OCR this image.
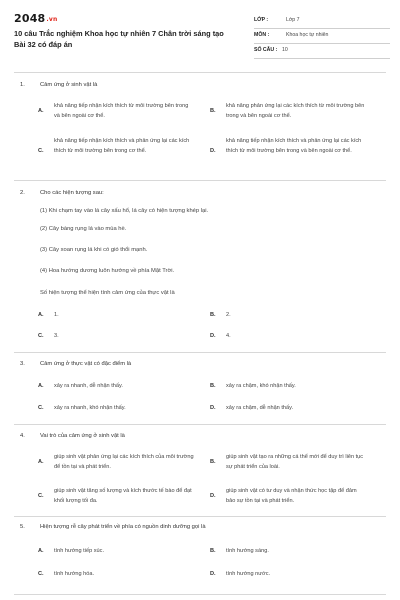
2048.vn
10 câu Trắc nghiệm Khoa học tự nhiên 7 Chân trời sáng tạo Bài 32 có đáp án
LỚP :	Lớp 7
MÔN :	Khoa học tự nhiên
SỐ CÂU : 10
1.	Cảm ứng ở sinh vật là
A.
khả năng tiếp nhận kích thích từ môi trường bên trong và bên ngoài cơ thể.
B.
khả năng phản ứng lại các kích thích từ môi trường bên trong và bên ngoài cơ thể.
C.
khả năng tiếp nhận kích thích và phản ứng lại các kích thích từ môi trường bên trong cơ thể.	D.
khả năng tiếp nhận kích thích và phản ứng lại các kích thích từ môi trường bên trong và bên ngoài cơ thể.
2.	Cho các hiện tượng sau:
(1) Khi chạm tay vào lá cây xấu hổ, lá cây có hiện tượng khép lại.
(2) Cây bàng rụng lá vào mùa hè.
(3) Cây xoan rụng lá khi có gió thổi mạnh.
(4) Hoa hướng dương luôn hướng về phía Mặt Trời.
Số hiện tượng thể hiện tính cảm ứng của thực vật là
A. 1.	B. 2.
C. 3.	D. 4.
3.	Cảm ứng ở thực vật có đặc điểm là
A. xảy ra nhanh, dễ nhận thấy.	B. xảy ra chậm, khó nhận thấy.
C. xảy ra nhanh, khó nhận thấy.	D. xảy ra chậm, dễ nhận thấy.
4.	Vai trò của cảm ứng ở sinh vật là
A.
giúp sinh vật phản ứng lại các kích thích của môi trường để tồn tại và phát triển.
B.
giúp sinh vật tạo ra những cá thể mới để duy trì liên tục sự phát triển của loài.
C.
giúp sinh vật tăng số lượng và kích thước tế bào để đạt khối lượng tối đa.
D.
giúp sinh vật có tư duy và nhận thức học tập để đảm bảo sự tồn tại và phát triển.
5.	Hiện tượng rễ cây phát triển về phía có nguồn dinh dưỡng gọi là
A. tính hướng tiếp xúc.	B. tính hướng sáng.
C. tính hướng hóa.	D. tính hướng nước.
